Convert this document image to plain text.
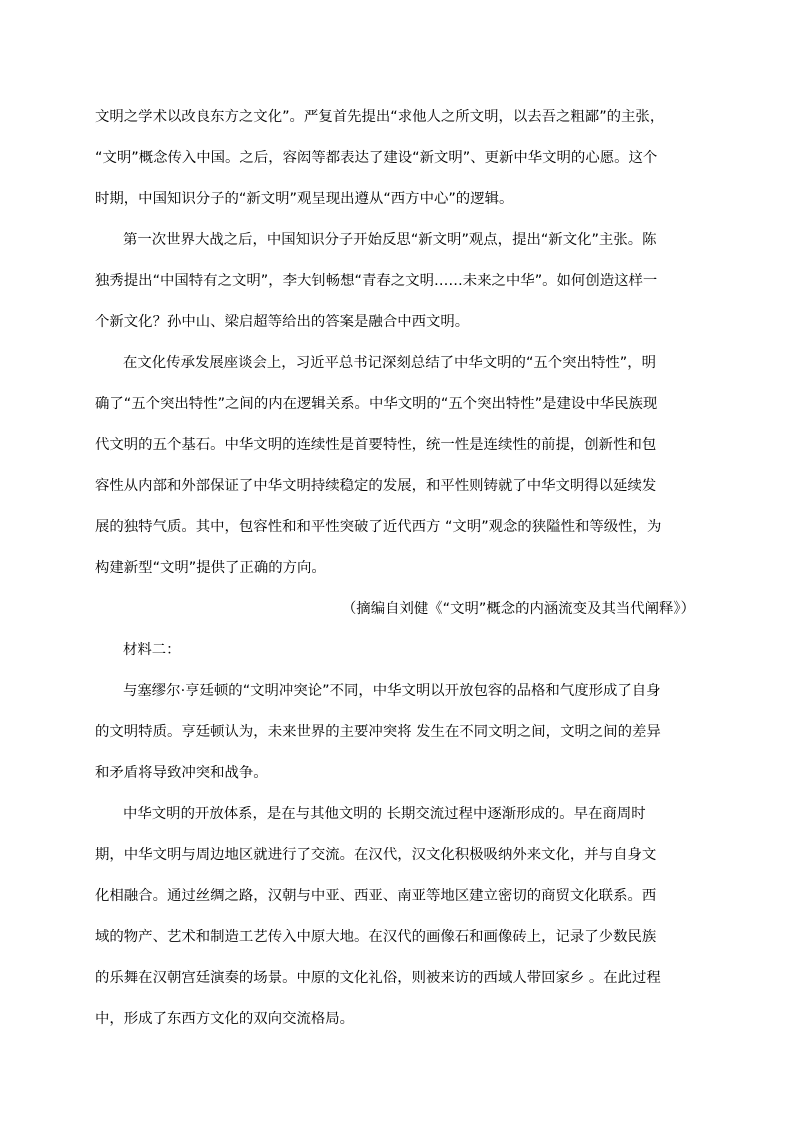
文明之学术以改良东方之文化”。严复首先提出“求他人之所文明，以去吾之粗鄙”的主张，
“文明”概念传入中国。之后，容闳等都表达了建设“新文明”、更新中华文明的心愿。这个
时期，中国知识分子的“新文明”观呈现出遵从“西方中心”的逻辑。
第一次世界大战之后，中国知识分子开始反思“新文明”观点，提出“新文化”主张。陈
独秀提出“中国特有之文明”，李大钊畅想“青春之文明……未来之中华”。如何创造这样一
个新文化？孙中山、梁启超等给出的答案是融合中西文明。
在文化传承发展座谈会上，习近平总书记深刻总结了中华文明的“五个突出特性”，明
确了“五个突出特性”之间的内在逻辑关系。中华文明的“五个突出特性”是建设中华民族现
代文明的五个基石。中华文明的连续性是首要特性，统一性是连续性的前提，创新性和包
容性从内部和外部保证了中华文明持续稳定的发展，和平性则铸就了中华文明得以延续发
展的独特气质。其中，包容性和和平性突破了近代西方 “文明”观念的狭隘性和等级性，为
构建新型“文明”提供了正确的方向。
（摘编自刘健《“文明”概念的内涵流变及其当代阐释》）
材料二：
与塞缪尔·亨廷顿的“文明冲突论”不同，中华文明以开放包容的品格和气度形成了自身
的文明特质。亨廷顿认为，未来世界的主要冲突将 发生在不同文明之间，文明之间的差异
和矛盾将导致冲突和战争。
中华文明的开放体系，是在与其他文明的 长期交流过程中逐渐形成的。早在商周时
期，中华文明与周边地区就进行了交流。在汉代，汉文化积极吸纳外来文化，并与自身文
化相融合。通过丝绸之路，汉朝与中亚、西亚、南亚等地区建立密切的商贸文化联系。西
域的物产、艺术和制造工艺传入中原大地。在汉代的画像石和画像砖上，记录了少数民族
的乐舞在汉朝宫廷演奏的场景。中原的文化礼俗，则被来访的西域人带回家乡 。在此过程
中，形成了东西方文化的双向交流格局。
